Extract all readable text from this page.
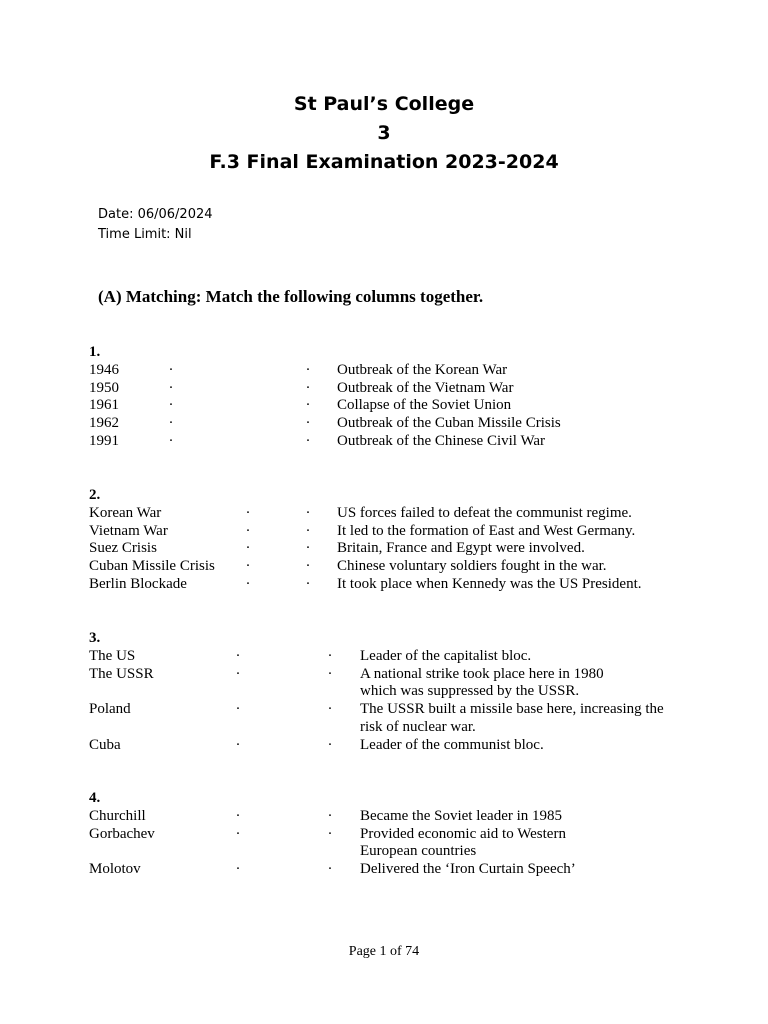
St Paul’s College
3
F.3 Final Examination 2023-2024
Date: 06/06/2024
Time Limit: Nil
(A) Matching: Match the following columns together.
1.
1946	·	· Outbreak of the Korean War
1950	·	· Outbreak of the Vietnam War
1961	·	· Collapse of the Soviet Union
1962	·	· Outbreak of the Cuban Missile Crisis
1991	·	· Outbreak of the Chinese Civil War
2.
Korean War	·	· US forces failed to defeat the communist regime.
Vietnam War	·	· It led to the formation of East and West Germany.
Suez Crisis	·	· Britain, France and Egypt were involved.
Cuban Missile Crisis	·	· Chinese voluntary soldiers fought in the war.
Berlin Blockade	·	· It took place when Kennedy was the US President.
3.
The US	·	· Leader of the capitalist bloc.
The USSR	·	· A national strike took place here in 1980
which was suppressed by the USSR.
Poland	·	· The USSR built a missile base here, increasing the
risk of nuclear war.
Cuba	·	· Leader of the communist bloc.
4.
Churchill	·	· Became the Soviet leader in 1985
Gorbachev	·	· Provided economic aid to Western
European countries
Molotov	·	· Delivered the ‘Iron Curtain Speech’
Page 1 of 74
